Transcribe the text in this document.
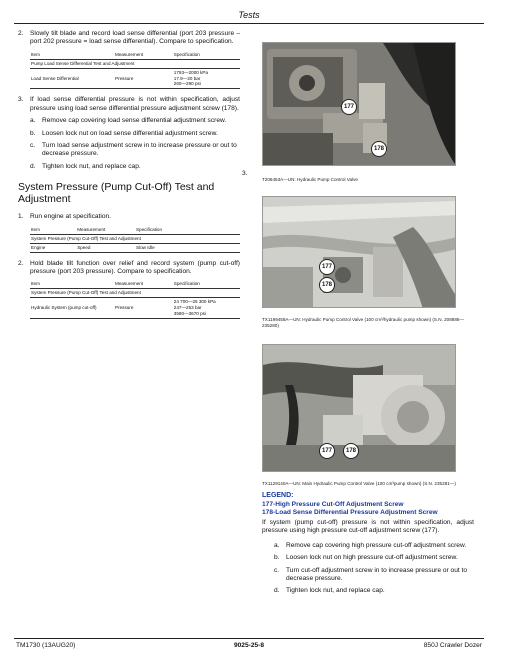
Tests
2. Slowly tilt blade and record load sense differential (port 203 pressure – port 202 pressure = load sense differential). Compare to specification.
Item	Measurement	Specification
Pump Load Sense Differential Test and Adjustment		
Load Sense Differential	Pressure	1793—2000 kPa
17.9—20 bar
260—290 psi
3. If load sense differential pressure is not within specification, adjust pressure using load sense differential pressure adjustment screw (178).
a. Remove cap covering load sense differential adjustment screw.
b. Loosen lock nut on load sense differential adjustment screw.
c.	Turn load sense adjustment screw in to increase pressure or out to decrease pressure.
d. Tighten lock nut, and replace cap.
System Pressure (Pump Cut-Off) Test and Adjustment
1. Run engine at specification.
Item	Measurement	Specification
System Pressure (Pump Cut-Off) Test and Adjustment		
Engine	Speed	Slow Idle
2. Hold blade tilt function over relief and record system (pump cut-off) pressure (port 203 pressure). Compare to specification.
Item	Measurement	Specification
System Pressure (Pump Cut-Off) Test and Adjustment		
Hydraulic System (pump cut-off)	Pressure	24 700—25 300 kPa
247—253 bar
3580—3670 psi
177
178
3.
T206453A—UN: Hydraulic Pump Control Valve
177
178
TX1199458A—UN: Hydraulic Pump Control Valve (100 cm³/hydraulic pump shown) (S.N. 208886—235280)
177	178
TX1129140A—UN: Main Hydraulic Pump Control Valve (100 cm³pump shown) (S.N. 235281—)
LEGEND:
177-High Pressure Cut-Off Adjustment Screw
178-Load Sense Differential Pressure Adjustment Screw
If system (pump cut-off) pressure is not within specification, adjust pressure using high pressure cut-off adjustment screw (177).
a. Remove cap covering high pressure cut-off adjustment screw.
b. Loosen lock nut on high pressure cut-off adjustment screw.
c.	Turn cut-off adjustment screw in to increase pressure or out to decrease pressure.
d. Tighten lock nut, and replace cap.
TM1730 (13AUG20)	9025-25-8	850J Crawler Dozer
